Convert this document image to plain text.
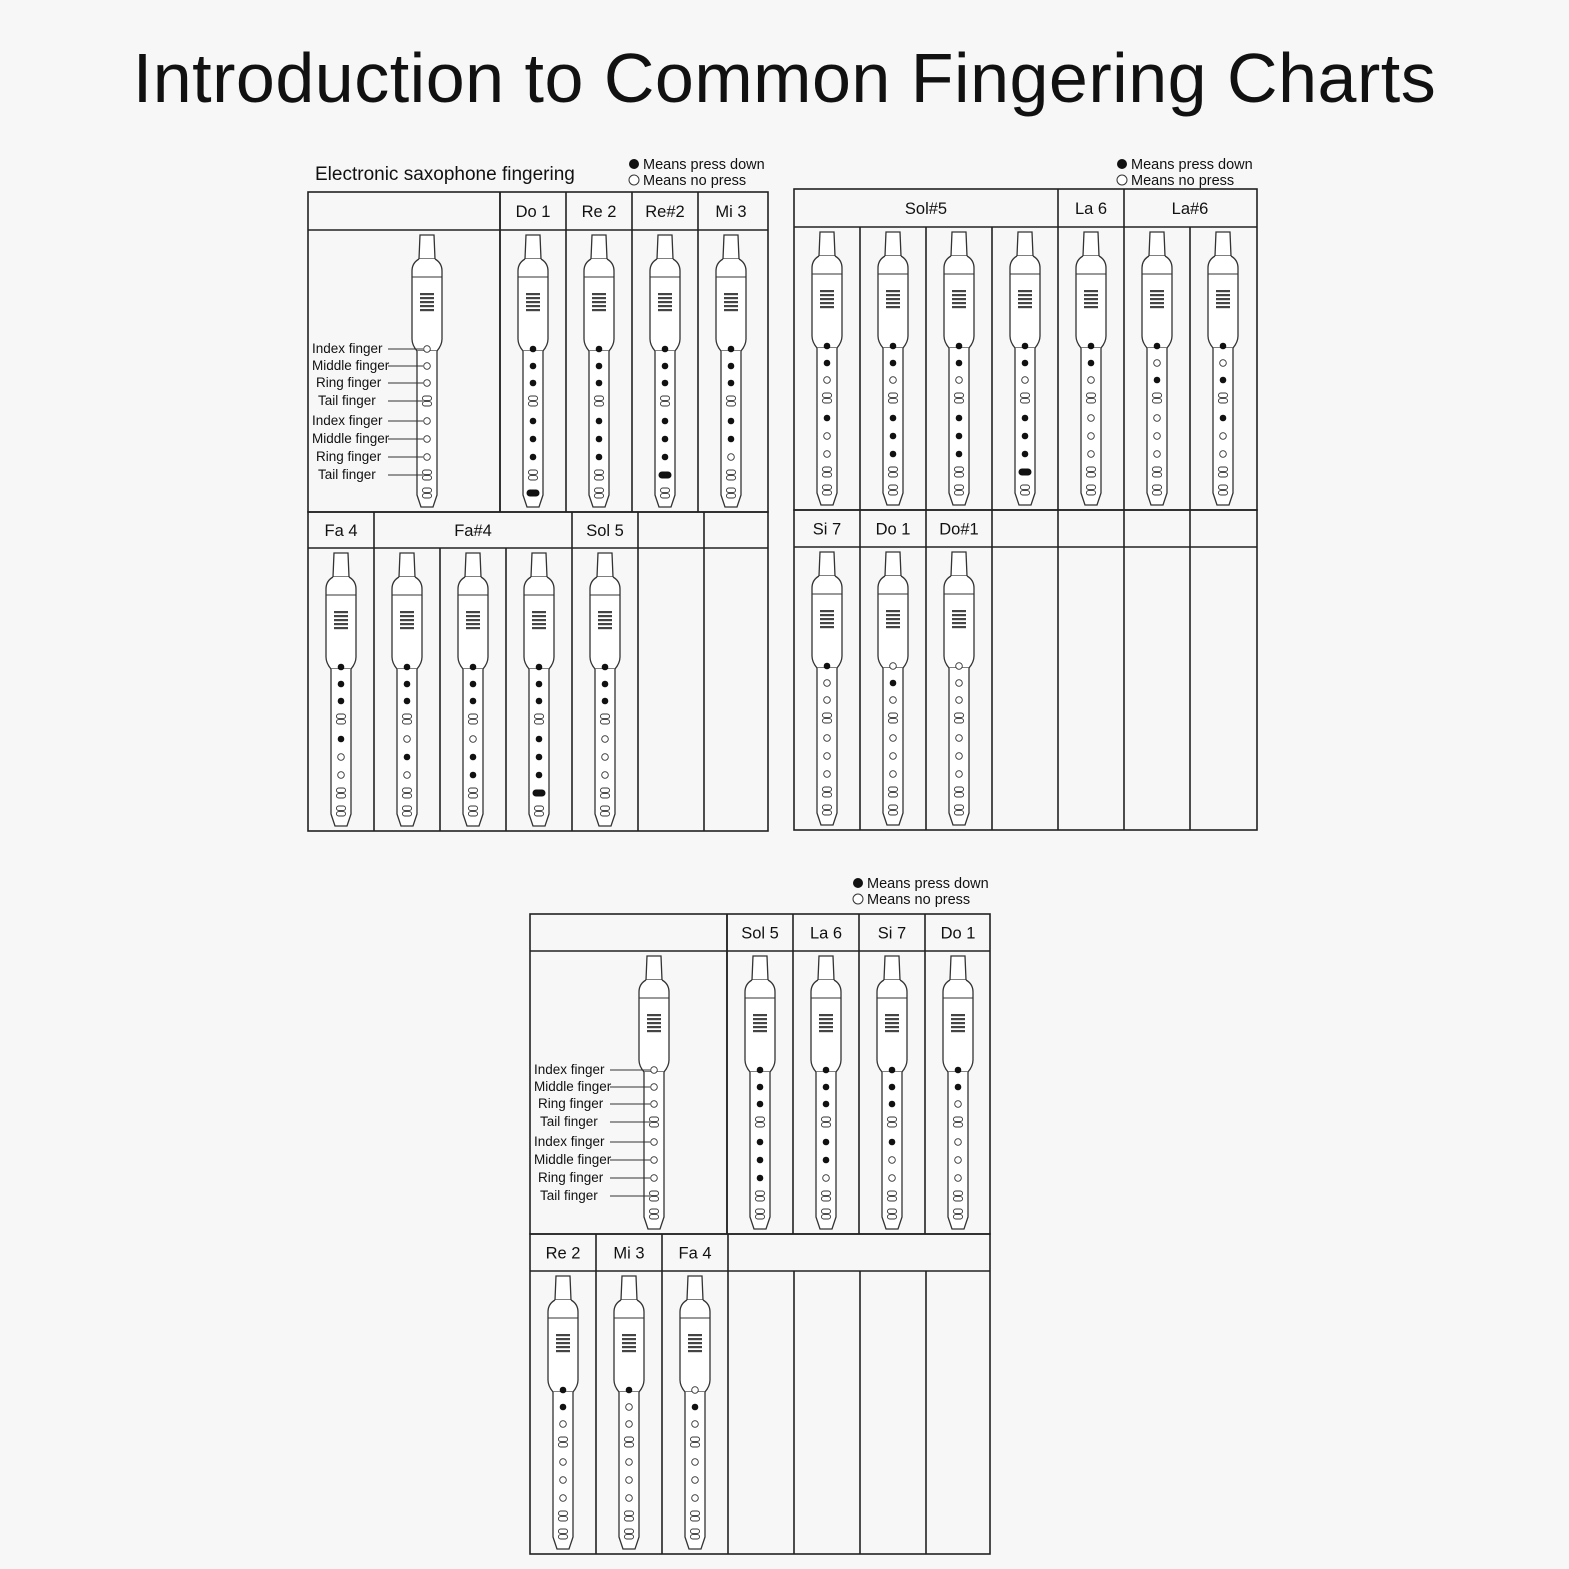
Introduction to Common Fingering Charts
Electronic saxophone fingering
Index finger
Middle finger
Ring finger
Tail finger
Index finger
Middle finger
Ring finger
Tail finger
Do 1 Re 2 Re#2 Mi 3
Fa 4	Fa#4	Sol 5
Means press down
Means no press
Sol#5	La 6	La#6
Si 7 Do 1 Do#1
Means press down
Means no press
Index finger
Middle finger
Ring finger
Tail finger
Index finger
Middle finger
Ring finger
Tail finger
Sol 5 La 6 Si 7 Do 1
Re 2 Mi 3 Fa 4
Means press down
Means no press
